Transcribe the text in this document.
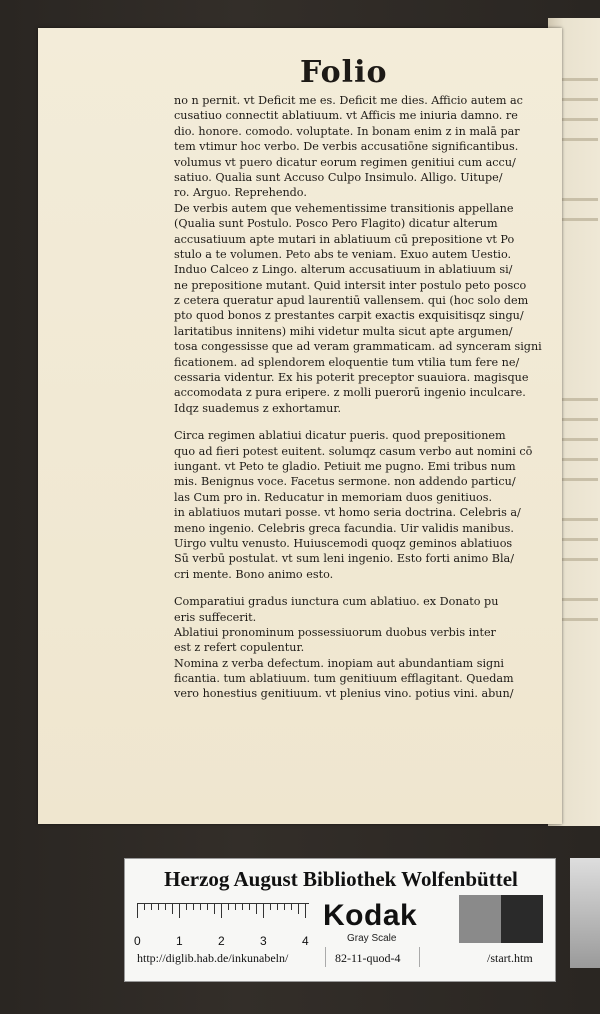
Folio
no n pernit. vt Deficit me es. Deficit me dies. Afficio autem ac
cusatiuo connectit ablatiuum. vt Afficis me iniuria damno. re
dio. honore. comodo. voluptate. In bonam enim z in malā par
tem vtimur hoc verbo. De verbis accusatiōne significantibus.
volumus vt puero dicatur eorum regimen genitiui cum accu/
satiuo. Qualia sunt Accuso Culpo Insimulo. Alligo. Uitupe/
ro. Arguo. Reprehendo.
De verbis autem que vehementissime transitionis appellane
(Qualia sunt Postulo. Posco Pero Flagito) dicatur alterum
accusatiuum apte mutari in ablatiuum cū prepositione vt Po
stulo a te volumen. Peto abs te veniam. Exuo autem Uestio.
Induo Calceo z Lingo. alterum accusatiuum in ablatiuum si/
ne prepositione mutant. Quid intersit inter postulo peto posco
z cetera queratur apud laurentiū vallensem. qui (hoc solo dem
pto quod bonos z prestantes carpit exactis exquisitisqz singu/
laritatibus innitens) mihi videtur multa sicut apte argumen/
tosa congessisse que ad veram grammaticam. ad synceram signi
ficationem. ad splendorem eloquentie tum vtilia tum fere ne/
cessaria videntur. Ex his poterit preceptor suauiora. magisque
accomodata z pura eripere. z molli puerorū ingenio inculcare.
Idqz suademus z exhortamur.
Circa regimen ablatiui dicatur pueris. quod prepositionem
quo ad fieri potest euitent. solumqz casum verbo aut nomini cō
iungant. vt Peto te gladio. Petiuit me pugno. Emi tribus num
mis. Benignus voce. Facetus sermone. non addendo particu/
las Cum pro in. Reducatur in memoriam duos genitiuos.
in ablatiuos mutari posse. vt homo seria doctrina. Celebris a/
meno ingenio. Celebris greca facundia. Uir validis manibus.
Uirgo vultu venusto. Huiuscemodi quoqz geminos ablatiuos
Sū verbū postulat. vt sum leni ingenio. Esto forti animo Bla/
cri mente. Bono animo esto.
Comparatiui gradus iunctura cum ablatiuo. ex Donato pu
eris suffecerit.
Ablatiui pronominum possessiuorum duobus verbis inter
est z refert copulentur.
Nomina z verba defectum. inopiam aut abundantiam signi
ficantia. tum ablatiuum. tum genitiuum efflagitant. Quedam
vero honestius genitiuum. vt plenius vino. potius vini. abun/
Herzog August Bibliothek Wolfenbüttel
0	1	2	3	4
Kodak
Gray Scale
http://diglib.hab.de/inkunabeln/	82-11-quod-4	/start.htm
